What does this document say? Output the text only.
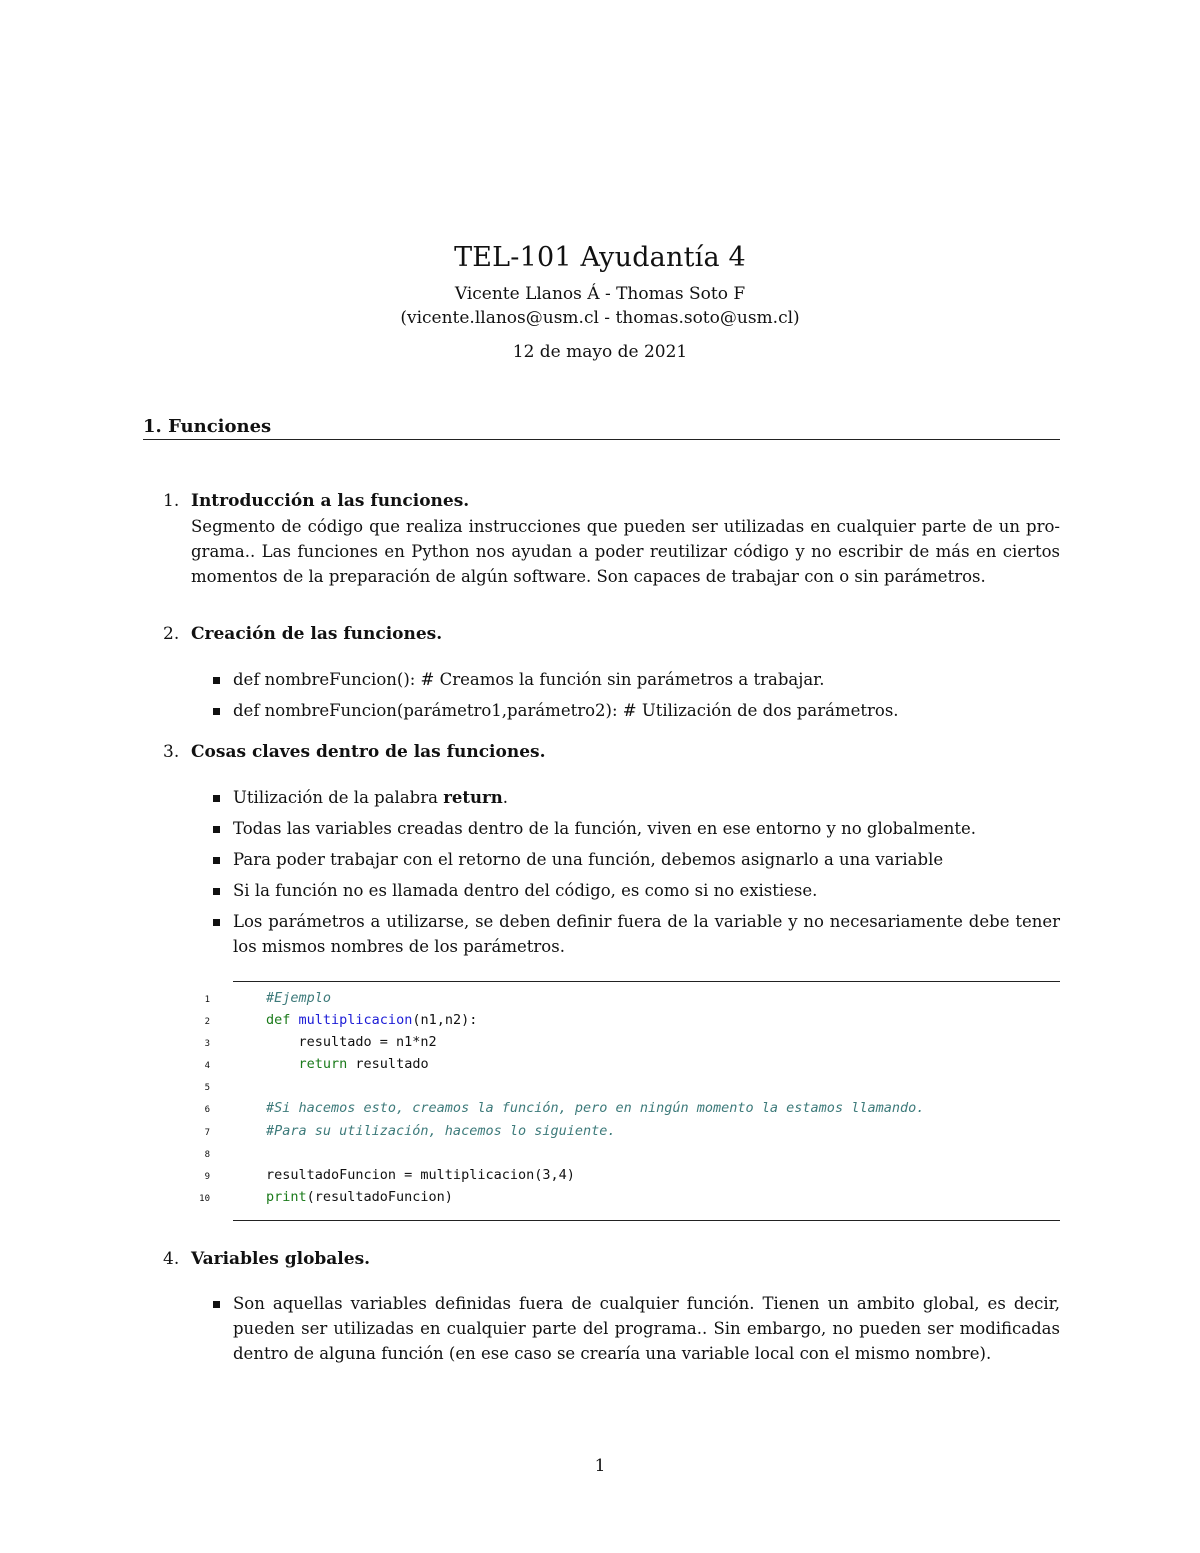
TEL-101 Ayudantía 4
Vicente Llanos Á - Thomas Soto F
(vicente.llanos@usm.cl - thomas.soto@usm.cl)
12 de mayo de 2021
1. Funciones
1. Introducción a las funciones.
Segmento de código que realiza instrucciones que pueden ser utilizadas en cualquier parte de un pro-
grama.. Las funciones en Python nos ayudan a poder reutilizar código y no escribir de más en ciertos
momentos de la preparación de algún software. Son capaces de trabajar con o sin parámetros.
2. Creación de las funciones.
def nombreFuncion(): # Creamos la función sin parámetros a trabajar.
def nombreFuncion(parámetro1,parámetro2): # Utilización de dos parámetros.
3. Cosas claves dentro de las funciones.
Utilización de la palabra return.
Todas las variables creadas dentro de la función, viven en ese entorno y no globalmente.
Para poder trabajar con el retorno de una función, debemos asignarlo a una variable
Si la función no es llamada dentro del código, es como si no existiese.
Los parámetros a utilizarse, se deben definir fuera de la variable y no necesariamente debe tener
los mismos nombres de los parámetros.
1	#Ejemplo
2	def multiplicacion(n1,n2):
3	resultado = n1*n2
4	return resultado
5
6	#Si hacemos esto, creamos la función, pero en ningún momento la estamos llamando.
7	#Para su utilización, hacemos lo siguiente.
8
9	resultadoFuncion = multiplicacion(3,4)
10	print(resultadoFuncion)
4. Variables globales.
Son aquellas variables definidas fuera de cualquier función. Tienen un ambito global, es decir,
pueden ser utilizadas en cualquier parte del programa.. Sin embargo, no pueden ser modificadas
dentro de alguna función (en ese caso se crearía una variable local con el mismo nombre).
1
